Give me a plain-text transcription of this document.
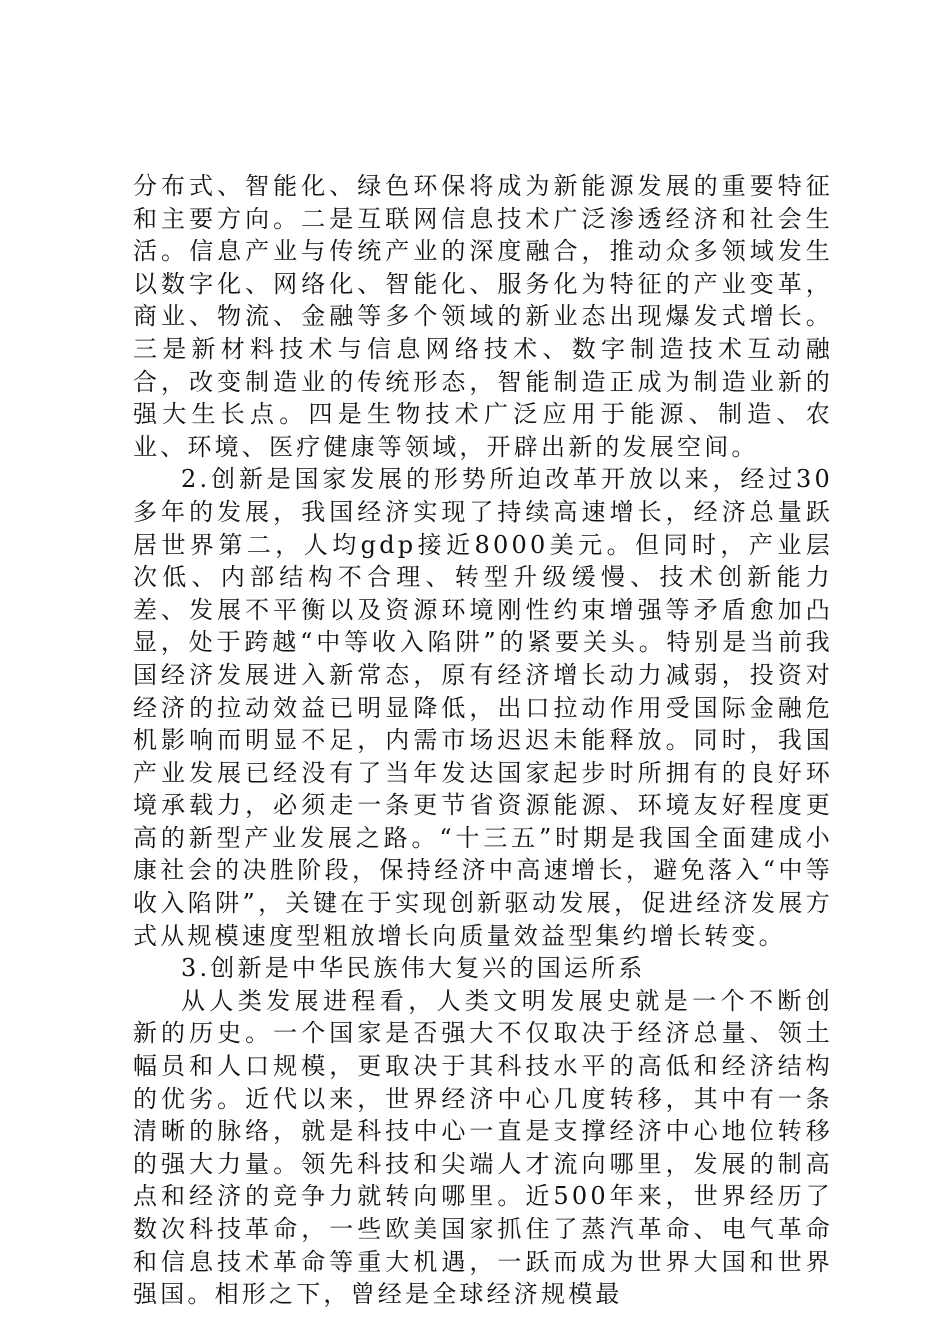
分布式、智能化、绿色环保将成为新能源发展的重要特征和主要方向。二是互联网信息技术广泛渗透经济和社会生活。信息产业与传统产业的深度融合，推动众多领域发生以数字化、网络化、智能化、服务化为特征的产业变革，商业、物流、金融等多个领域的新业态出现爆发式增长。三是新材料技术与信息网络技术、数字制造技术互动融合，改变制造业的传统形态，智能制造正成为制造业新的强大生长点。四是生物技术广泛应用于能源、制造、农业、环境、医疗健康等领域，开辟出新的发展空间。

2.创新是国家发展的形势所迫改革开放以来，经过30多年的发展，我国经济实现了持续高速增长，经济总量跃居世界第二，人均gdp接近8000美元。但同时，产业层次低、内部结构不合理、转型升级缓慢、技术创新能力差、发展不平衡以及资源环境刚性约束增强等矛盾愈加凸显，处于跨越“中等收入陷阱”的紧要关头。特别是当前我国经济发展进入新常态，原有经济增长动力减弱，投资对经济的拉动效益已明显降低，出口拉动作用受国际金融危机影响而明显不足，内需市场迟迟未能释放。同时，我国产业发展已经没有了当年发达国家起步时所拥有的良好环境承载力，必须走一条更节省资源能源、环境友好程度更高的新型产业发展之路。“十三五”时期是我国全面建成小康社会的决胜阶段，保持经济中高速增长，避免落入“中等收入陷阱”，关键在于实现创新驱动发展，促进经济发展方式从规模速度型粗放增长向质量效益型集约增长转变。

3.创新是中华民族伟大复兴的国运所系

从人类发展进程看，人类文明发展史就是一个不断创新的历史。一个国家是否强大不仅取决于经济总量、领土幅员和人口规模，更取决于其科技水平的高低和经济结构的优劣。近代以来，世界经济中心几度转移，其中有一条清晰的脉络，就是科技中心一直是支撑经济中心地位转移的强大力量。领先科技和尖端人才流向哪里，发展的制高点和经济的竞争力就转向哪里。近500年来，世界经历了数次科技革命，一些欧美国家抓住了蒸汽革命、电气革命和信息技术革命等重大机遇，一跃而成为世界大国和世界强国。相形之下，曾经是全球经济规模最
